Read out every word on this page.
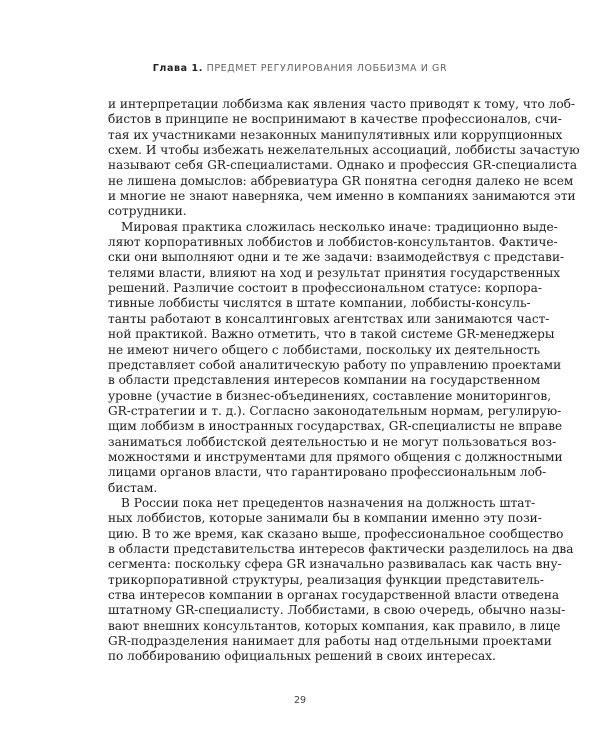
Глава 1. ПРЕДМЕТ РЕГУЛИРОВАНИЯ ЛОББИЗМА И GR

и интерпретации лоббизма как явления часто приводят к тому, что лоб-
бистов в принципе не воспринимают в качестве профессионалов, счи-
тая их участниками незаконных манипулятивных или коррупционных
схем. И чтобы избежать нежелательных ассоциаций, лоббисты зачастую
называют себя GR-специалистами. Однако и профессия GR-специалиста
не лишена домыслов: аббревиатура GR понятна сегодня далеко не всем
и многие не знают наверняка, чем именно в компаниях занимаются эти
сотрудники.

Мировая практика сложилась несколько иначе: традиционно выде-
ляют корпоративных лоббистов и лоббистов-консультантов. Фактиче-
ски они выполняют одни и те же задачи: взаимодействуя с представи-
телями власти, влияют на ход и результат принятия государственных
решений. Различие состоит в профессиональном статусе: корпора-
тивные лоббисты числятся в штате компании, лоббисты-консуль-
танты работают в консалтинговых агентствах или занимаются част-
ной практикой. Важно отметить, что в такой системе GR-менеджеры
не имеют ничего общего с лоббистами, поскольку их деятельность
представляет собой аналитическую работу по управлению проектами
в области представления интересов компании на государственном
уровне (участие в бизнес-объединениях, составление мониторингов,
GR-стратегии и т. д.). Согласно законодательным нормам, регулирую-
щим лоббизм в иностранных государствах, GR-специалисты не вправе
заниматься лоббистской деятельностью и не могут пользоваться воз-
можностями и инструментами для прямого общения с должностными
лицами органов власти, что гарантировано профессиональным лоб-
бистам.

В России пока нет прецедентов назначения на должность штат-
ных лоббистов, которые занимали бы в компании именно эту пози-
цию. В то же время, как сказано выше, профессиональное сообщество
в области представительства интересов фактически разделилось на два
сегмента: поскольку сфера GR изначально развивалась как часть вну-
трикорпоративной структуры, реализация функции представитель-
ства интересов компании в органах государственной власти отведена
штатному GR-специалисту. Лоббистами, в свою очередь, обычно назы-
вают внешних консультантов, которых компания, как правило, в лице
GR-подразделения нанимает для работы над отдельными проектами
по лоббированию официальных решений в своих интересах.

29
